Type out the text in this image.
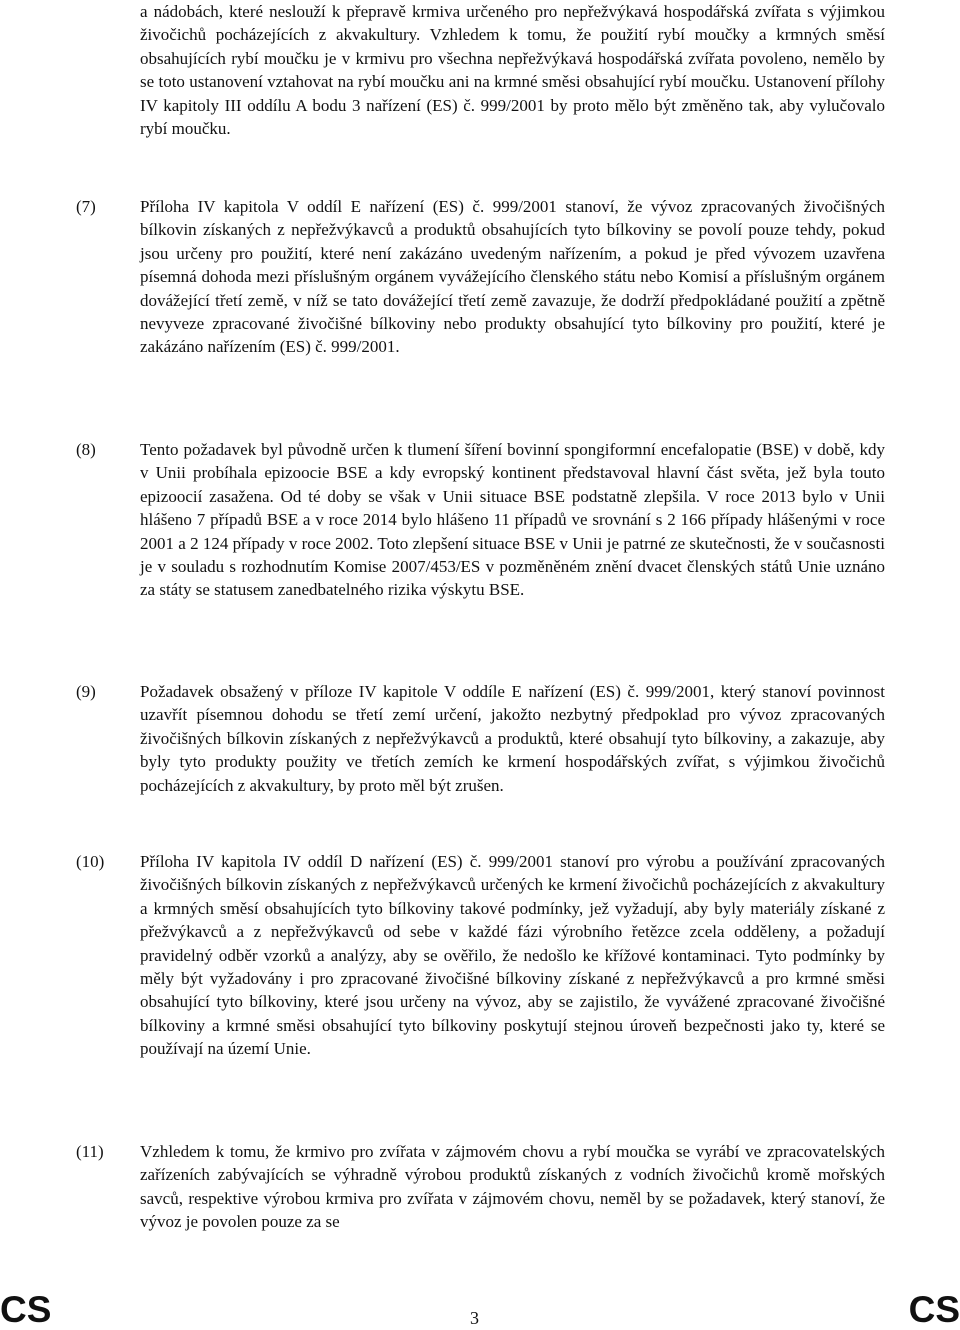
a nádobách, které neslouží k přepravě krmiva určeného pro nepřežvýkavá hospodářská zvířata s výjimkou živočichů pocházejících z akvakultury. Vzhledem k tomu, že použití rybí moučky a krmných směsí obsahujících rybí moučku je v krmivu pro všechna nepřežvýkavá hospodářská zvířata povoleno, nemělo by se toto ustanovení vztahovat na rybí moučku ani na krmné směsi obsahující rybí moučku. Ustanovení přílohy IV kapitoly III oddílu A bodu 3 nařízení (ES) č. 999/2001 by proto mělo být změněno tak, aby vylučovalo rybí moučku.
(7)	Příloha IV kapitola V oddíl E nařízení (ES) č. 999/2001 stanoví, že vývoz zpracovaných živočišných bílkovin získaných z nepřežvýkavců a produktů obsahujících tyto bílkoviny se povolí pouze tehdy, pokud jsou určeny pro použití, které není zakázáno uvedeným nařízením, a pokud je před vývozem uzavřena písemná dohoda mezi příslušným orgánem vyvážejícího členského státu nebo Komisí a příslušným orgánem dovážející třetí země, v níž se tato dovážející třetí země zavazuje, že dodrží předpokládané použití a zpětně nevyveze zpracované živočišné bílkoviny nebo produkty obsahující tyto bílkoviny pro použití, které je zakázáno nařízením (ES) č. 999/2001.
(8)	Tento požadavek byl původně určen k tlumení šíření bovinní spongiformní encefalopatie (BSE) v době, kdy v Unii probíhala epizoocie BSE a kdy evropský kontinent představoval hlavní část světa, jež byla touto epizoocií zasažena. Od té doby se však v Unii situace BSE podstatně zlepšila. V roce 2013 bylo v Unii hlášeno 7 případů BSE a v roce 2014 bylo hlášeno 11 případů ve srovnání s 2 166 případy hlášenými v roce 2001 a 2 124 případy v roce 2002. Toto zlepšení situace BSE v Unii je patrné ze skutečnosti, že v současnosti je v souladu s rozhodnutím Komise 2007/453/ES v pozměněném znění dvacet členských států Unie uznáno za státy se statusem zanedbatelného rizika výskytu BSE.
(9)	Požadavek obsažený v příloze IV kapitole V oddíle E nařízení (ES) č. 999/2001, který stanoví povinnost uzavřít písemnou dohodu se třetí zemí určení, jakožto nezbytný předpoklad pro vývoz zpracovaných živočišných bílkovin získaných z nepřežvýkavců a produktů, které obsahují tyto bílkoviny, a zakazuje, aby byly tyto produkty použity ve třetích zemích ke krmení hospodářských zvířat, s výjimkou živočichů pocházejících z akvakultury, by proto měl být zrušen.
(10) Příloha IV kapitola IV oddíl D nařízení (ES) č. 999/2001 stanoví pro výrobu a používání zpracovaných živočišných bílkovin získaných z nepřežvýkavců určených ke krmení živočichů pocházejících z akvakultury a krmných směsí obsahujících tyto bílkoviny takové podmínky, jež vyžadují, aby byly materiály získané z přežvýkavců a z nepřežvýkavců od sebe v každé fázi výrobního řetězce zcela odděleny, a požadují pravidelný odběr vzorků a analýzy, aby se ověřilo, že nedošlo ke křížové kontaminaci. Tyto podmínky by měly být vyžadovány i pro zpracované živočišné bílkoviny získané z nepřežvýkavců a pro krmné směsi obsahující tyto bílkoviny, které jsou určeny na vývoz, aby se zajistilo, že vyvážené zpracované živočišné bílkoviny a krmné směsi obsahující tyto bílkoviny poskytují stejnou úroveň bezpečnosti jako ty, které se používají na území Unie.
(11) Vzhledem k tomu, že krmivo pro zvířata v zájmovém chovu a rybí moučka se vyrábí ve zpracovatelských zařízeních zabývajících se výhradně výrobou produktů získaných z vodních živočichů kromě mořských savců, respektive výrobou krmiva pro zvířata v zájmovém chovu, neměl by se požadavek, který stanoví, že vývoz je povolen pouze za se
CS	3	CS
